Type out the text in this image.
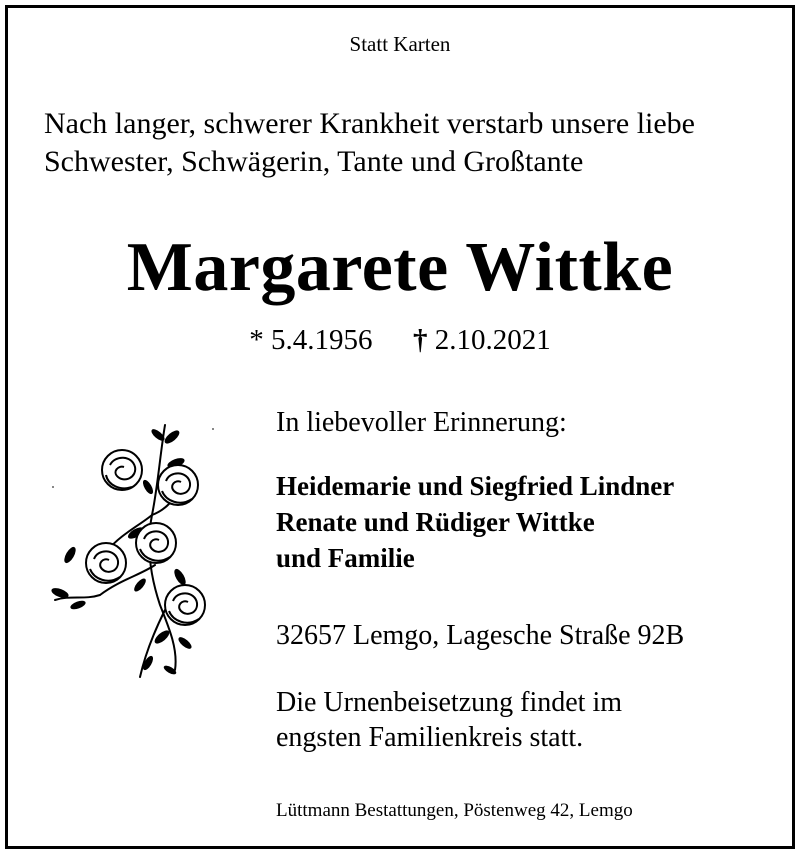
Statt Karten
Nach langer, schwerer Krankheit verstarb unsere liebe
Schwester, Schwägerin, Tante und Großtante
Margarete Wittke
* 5.4.1956 † 2.10.2021
In liebevoller Erinnerung:
Heidemarie und Siegfried Lindner
Renate und Rüdiger Wittke
und Familie
32657 Lemgo, Lagesche Straße 92B
Die Urnenbeisetzung findet im
engsten Familienkreis statt.
Lüttmann Bestattungen, Pöstenweg 42, Lemgo
